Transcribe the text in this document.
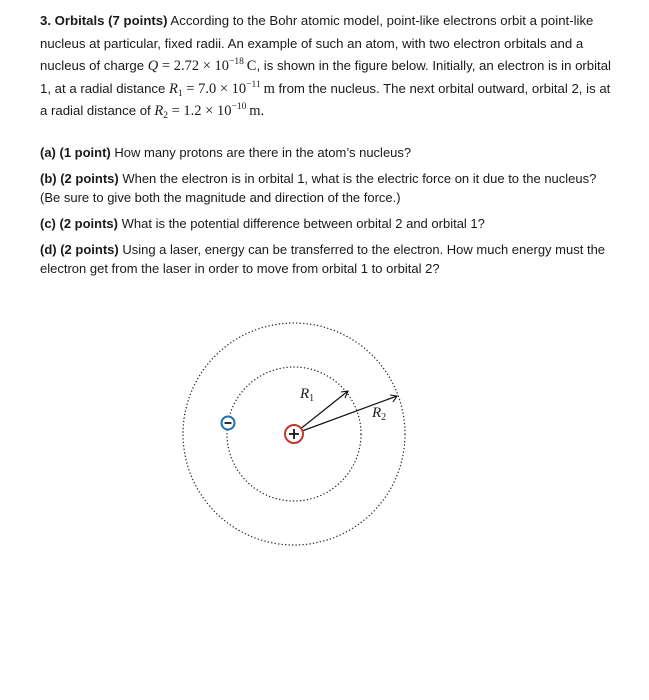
3. Orbitals (7 points) According to the Bohr atomic model, point-like electrons orbit a point-like nucleus at particular, fixed radii. An example of such an atom, with two electron orbitals and a nucleus of charge $Q = 2.72 \times 10^{-18}$  C, is shown in the figure below. Initially, an electron is in orbital 1, at a radial distance $R_1 = 7.0 \times 10^{-11}$  m from the nucleus. The next orbital outward, orbital 2, is at a radial distance of $R_2 = 1.2 \times 10^{-10}$  m.

(a) (1 point) How many protons are there in the atom’s nucleus?

(b) (2 points) When the electron is in orbital 1, what is the electric force on it due to the nucleus? (Be sure to give both the magnitude and direction of the force.)

(c) (2 points) What is the potential difference between orbital 2 and orbital 1?

(d) (2 points) Using a laser, energy can be transferred to the electron. How much energy must the electron get from the laser in order to move from orbital 1 to orbital 2?

$R_1$
$R_2$
